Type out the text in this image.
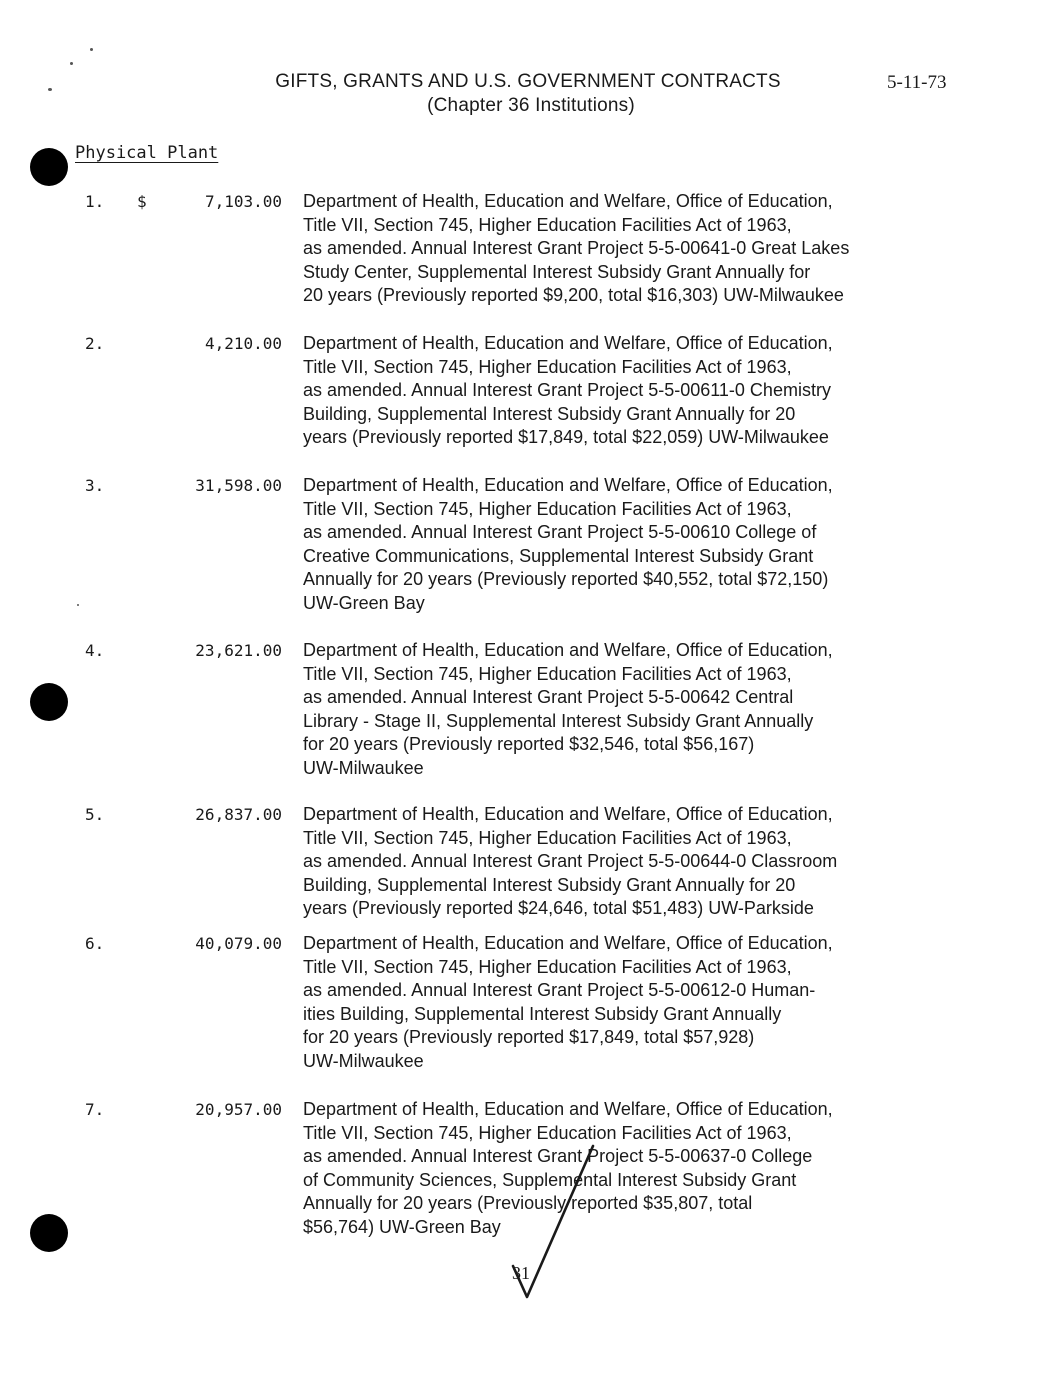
GIFTS, GRANTS AND U.S. GOVERNMENT CONTRACTS
(Chapter 36 Institutions)
5-11-73
Physical Plant
1. $	7,103.00 Department of Health, Education and Welfare, Office of Education,
Title VII, Section 745, Higher Education Facilities Act of 1963,
as amended. Annual Interest Grant Project 5-5-00641-0 Great Lakes
Study Center, Supplemental Interest Subsidy Grant Annually for
20 years (Previously reported $9,200, total $16,303) UW-Milwaukee
2.	4,210.00 Department of Health, Education and Welfare, Office of Education,
Title VII, Section 745, Higher Education Facilities Act of 1963,
as amended. Annual Interest Grant Project 5-5-00611-0 Chemistry
Building, Supplemental Interest Subsidy Grant Annually for 20
years (Previously reported $17,849, total $22,059) UW-Milwaukee
3.	31,598.00 Department of Health, Education and Welfare, Office of Education,
Title VII, Section 745, Higher Education Facilities Act of 1963,
as amended. Annual Interest Grant Project 5-5-00610 College of
Creative Communications, Supplemental Interest Subsidy Grant
Annually for 20 years (Previously reported $40,552, total $72,150)
UW-Green Bay
4.	23,621.00 Department of Health, Education and Welfare, Office of Education,
Title VII, Section 745, Higher Education Facilities Act of 1963,
as amended. Annual Interest Grant Project 5-5-00642 Central
Library - Stage II, Supplemental Interest Subsidy Grant Annually
for 20 years (Previously reported $32,546, total $56,167)
UW-Milwaukee
5.	26,837.00 Department of Health, Education and Welfare, Office of Education,
Title VII, Section 745, Higher Education Facilities Act of 1963,
as amended. Annual Interest Grant Project 5-5-00644-0 Classroom
Building, Supplemental Interest Subsidy Grant Annually for 20
years (Previously reported $24,646, total $51,483) UW-Parkside
6.	40,079.00 Department of Health, Education and Welfare, Office of Education,
Title VII, Section 745, Higher Education Facilities Act of 1963,
as amended. Annual Interest Grant Project 5-5-00612-0 Human-
ities Building, Supplemental Interest Subsidy Grant Annually
for 20 years (Previously reported $17,849, total $57,928)
UW-Milwaukee
7.	20,957.00 Department of Health, Education and Welfare, Office of Education,
Title VII, Section 745, Higher Education Facilities Act of 1963,
as amended. Annual Interest Grant Project 5-5-00637-0 College
of Community Sciences, Supplemental Interest Subsidy Grant
Annually for 20 years (Previously reported $35,807, total
$56,764) UW-Green Bay
31
